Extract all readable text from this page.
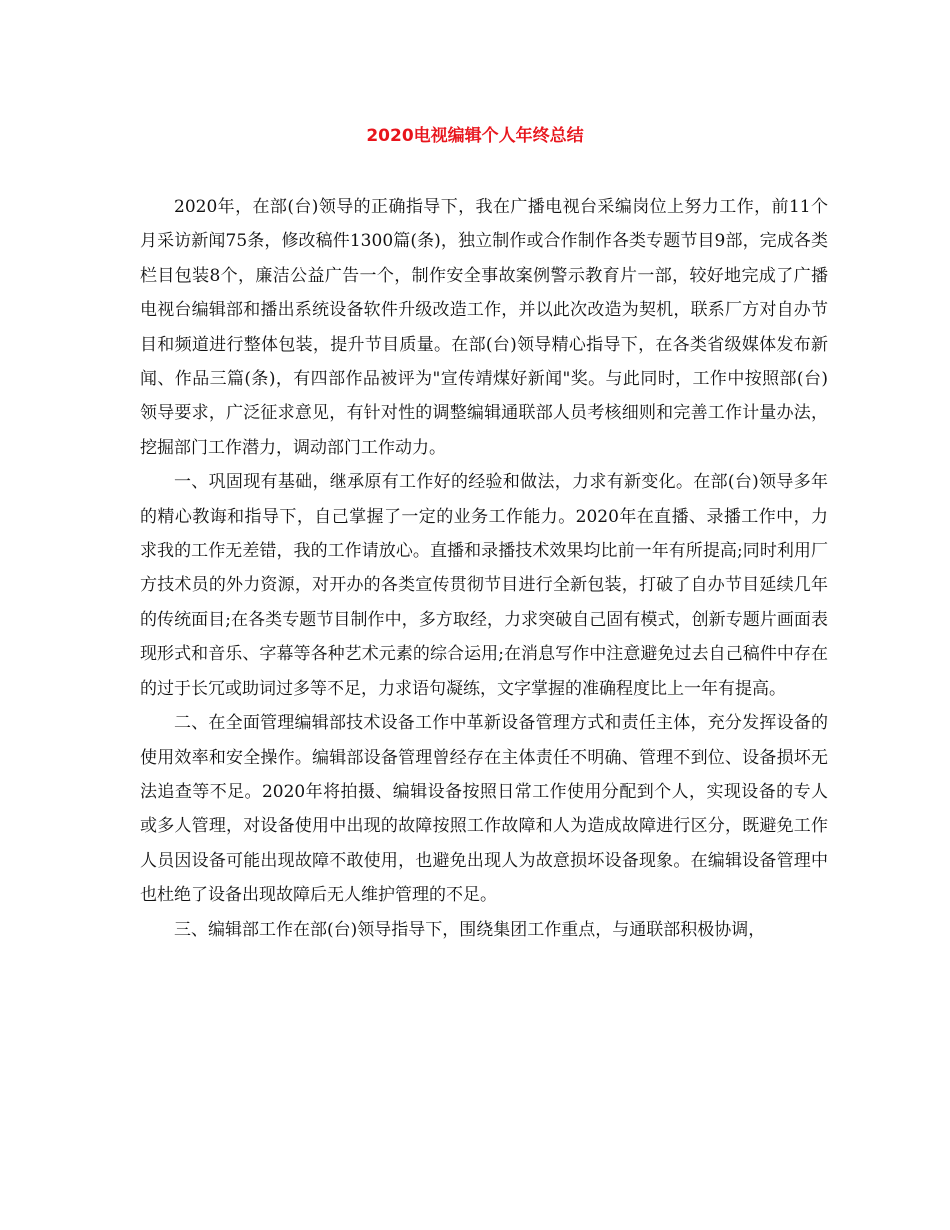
2020电视编辑个人年终总结

2020年，在部(台)领导的正确指导下，我在广播电视台采编岗位上努力工作，前11个月采访新闻75条，修改稿件1300篇(条)，独立制作或合作制作各类专题节目9部，完成各类栏目包装8个，廉洁公益广告一个，制作安全事故案例警示教育片一部，较好地完成了广播电视台编辑部和播出系统设备软件升级改造工作，并以此次改造为契机，联系厂方对自办节目和频道进行整体包装，提升节目质量。在部(台)领导精心指导下，在各类省级媒体发布新闻、作品三篇(条)，有四部作品被评为"宣传靖煤好新闻"奖。与此同时，工作中按照部(台)领导要求，广泛征求意见，有针对性的调整编辑通联部人员考核细则和完善工作计量办法，挖掘部门工作潜力，调动部门工作动力。

一、巩固现有基础，继承原有工作好的经验和做法，力求有新变化。在部(台)领导多年的精心教诲和指导下，自己掌握了一定的业务工作能力。2020年在直播、录播工作中，力求我的工作无差错，我的工作请放心。直播和录播技术效果均比前一年有所提高;同时利用厂方技术员的外力资源，对开办的各类宣传贯彻节目进行全新包装，打破了自办节目延续几年的传统面目;在各类专题节目制作中，多方取经，力求突破自己固有模式，创新专题片画面表现形式和音乐、字幕等各种艺术元素的综合运用;在消息写作中注意避免过去自己稿件中存在的过于长冗或助词过多等不足，力求语句凝练，文字掌握的准确程度比上一年有提高。

二、在全面管理编辑部技术设备工作中革新设备管理方式和责任主体，充分发挥设备的使用效率和安全操作。编辑部设备管理曾经存在主体责任不明确、管理不到位、设备损坏无法追查等不足。2020年将拍摄、编辑设备按照日常工作使用分配到个人，实现设备的专人或多人管理，对设备使用中出现的故障按照工作故障和人为造成故障进行区分，既避免工作人员因设备可能出现故障不敢使用，也避免出现人为故意损坏设备现象。在编辑设备管理中也杜绝了设备出现故障后无人维护管理的不足。

三、编辑部工作在部(台)领导指导下，围绕集团工作重点，与通联部积极协调，
